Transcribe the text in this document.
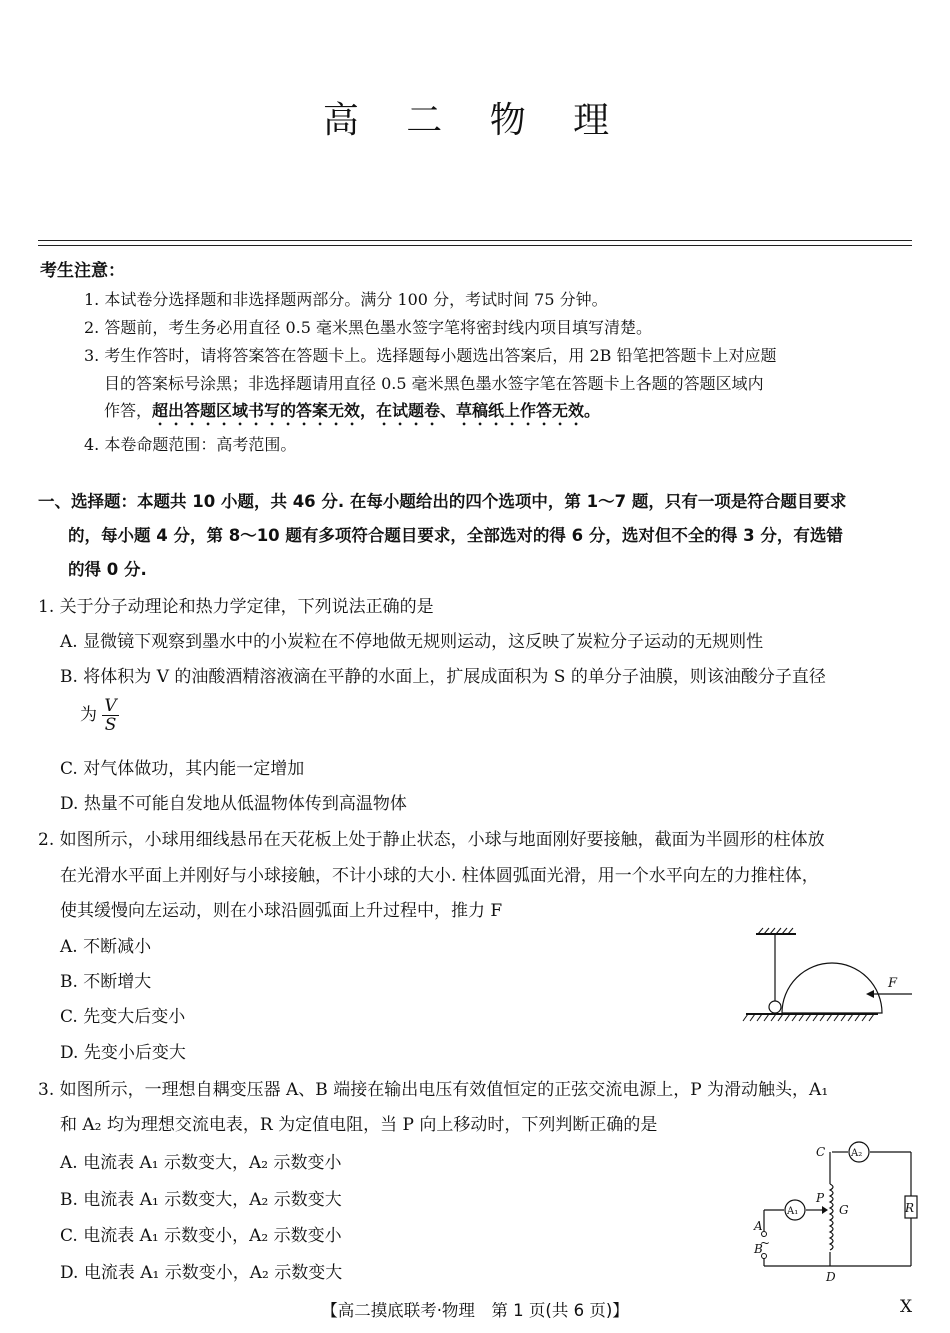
高 二 物 理
考生注意：
1. 本试卷分选择题和非选择题两部分。满分 100 分，考试时间 75 分钟。
2. 答题前，考生务必用直径 0.5 毫米黑色墨水签字笔将密封线内项目填写清楚。
3. 考生作答时，请将答案答在答题卡上。选择题每小题选出答案后，用 2B 铅笔把答题卡上对应题
目的答案标号涂黑；非选择题请用直径 0.5 毫米黑色墨水签字笔在答题卡上各题的答题区域内
作答，超出答题区域书写的答案无效，在试题卷、草稿纸上作答无效。
4. 本卷命题范围：高考范围。
一、选择题：本题共 10 小题，共 46 分. 在每小题给出的四个选项中，第 1～7 题，只有一项是符合题目要求
的，每小题 4 分，第 8～10 题有多项符合题目要求，全部选对的得 6 分，选对但不全的得 3 分，有选错
的得 0 分.
1. 关于分子动理论和热力学定律，下列说法正确的是
A. 显微镜下观察到墨水中的小炭粒在不停地做无规则运动，这反映了炭粒分子运动的无规则性
B. 将体积为 V 的油酸酒精溶液滴在平静的水面上，扩展成面积为 S 的单分子油膜，则该油酸分子直径
为 $\frac{V}{S}$
C. 对气体做功，其内能一定增加
D. 热量不可能自发地从低温物体传到高温物体
2. 如图所示，小球用细线悬吊在天花板上处于静止状态，小球与地面刚好要接触，截面为半圆形的柱体放
在光滑水平面上并刚好与小球接触，不计小球的大小. 柱体圆弧面光滑，用一个水平向左的力推柱体，
使其缓慢向左运动，则在小球沿圆弧面上升过程中，推力 F
A. 不断减小
B. 不断增大
C. 先变大后变小
D. 先变小后变大
F
3. 如图所示，一理想自耦变压器 A、B 端接在输出电压有效值恒定的正弦交流电源上，P 为滑动触头，A₁
和 A₂ 均为理想交流电表，R 为定值电阻，当 P 向上移动时，下列判断正确的是
A. 电流表 A₁ 示数变大，A₂ 示数变小
B. 电流表 A₁ 示数变大，A₂ 示数变大
C. 电流表 A₁ 示数变小，A₂ 示数变小
D. 电流表 A₁ 示数变小，A₂ 示数变大
C	A₂
A₁
P
G
A
~
B
D
R
【高二摸底联考·物理　第 1 页(共 6 页)】	X
